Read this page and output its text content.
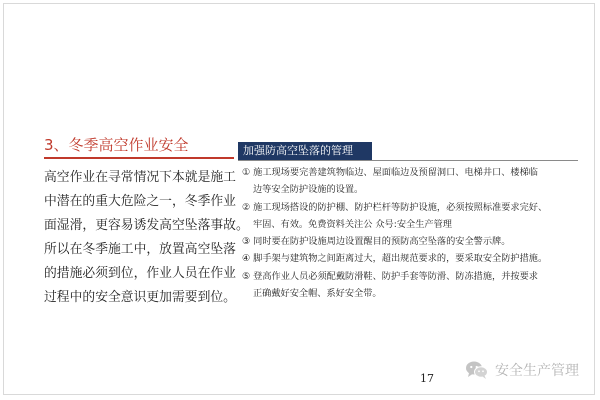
3、冬季高空作业安全
高空作业在寻常情况下本就是施工
中潜在的重大危险之一，冬季作业
面湿滑，更容易诱发高空坠落事故。
所以在冬季施工中，放置高空坠落
的措施必须到位，作业人员在作业
过程中的安全意识更加需要到位。
加强防高空坠落的管理
① 施工现场要完善建筑物临边、屋面临边及预留洞口、电梯井口、楼梯临
边等安全防护设施的设置。
② 施工现场搭设的防护棚、防护栏杆等防护设施，必须按照标准要求完好、
牢固、有效。免费资料关注公 众号:安全生产管理
③ 同时要在防护设施周边设置醒目的预防高空坠落的安全警示牌。
④ 脚手架与建筑物之间距离过大，超出规范要求的，要采取安全防护措施。
⑤ 登高作业人员必须配戴防滑鞋、防护手套等防滑、防冻措施，并按要求
正确戴好安全帽、系好安全带。
17	安全生产管理
